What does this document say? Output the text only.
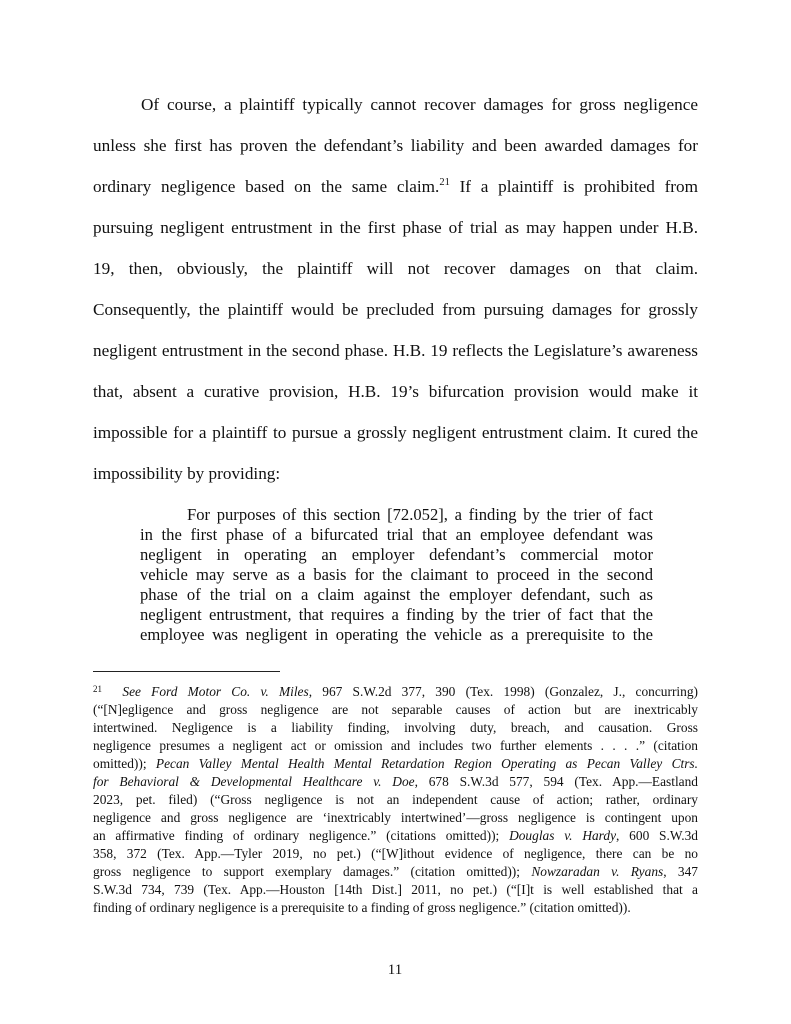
Of course, a plaintiff typically cannot recover damages for gross negligence
unless she first has proven the defendant’s liability and been awarded damages for
ordinary negligence based on the same claim.$^{21}$ If a plaintiff is prohibited from
pursuing negligent entrustment in the first phase of trial as may happen under H.B.
19, then, obviously, the plaintiff will not recover damages on that claim.
Consequently, the plaintiff would be precluded from pursuing damages for grossly
negligent entrustment in the second phase. H.B. 19 reflects the Legislature’s awareness
that, absent a curative provision, H.B. 19’s bifurcation provision would make it
impossible for a plaintiff to pursue a grossly negligent entrustment claim. It cured the
impossibility by providing:
For purposes of this section [72.052], a finding by the trier of fact
in the first phase of a bifurcated trial that an employee defendant was
negligent in operating an employer defendant’s commercial motor
vehicle may serve as a basis for the claimant to proceed in the second
phase of the trial on a claim against the employer defendant, such as
negligent entrustment, that requires a finding by the trier of fact that the
employee was negligent in operating the vehicle as a prerequisite to the
$^{21}$ See Ford Motor Co. v. Miles, 967 S.W.2d 377, 390 (Tex. 1998) (Gonzalez, J., concurring)
(“[N]egligence and gross negligence are not separable causes of action but are inextricably
intertwined. Negligence is a liability finding, involving duty, breach, and causation. Gross
negligence presumes a negligent act or omission and includes two further elements . . . .” (citation
omitted)); Pecan Valley Mental Health Mental Retardation Region Operating as Pecan Valley Ctrs.
for Behavioral & Developmental Healthcare v. Doe, 678 S.W.3d 577, 594 (Tex. App.—Eastland
2023, pet. filed) (“Gross negligence is not an independent cause of action; rather, ordinary
negligence and gross negligence are ‘inextricably intertwined’—gross negligence is contingent upon
an affirmative finding of ordinary negligence.” (citations omitted)); Douglas v. Hardy, 600 S.W.3d
358, 372 (Tex. App.—Tyler 2019, no pet.) (“[W]ithout evidence of negligence, there can be no
gross negligence to support exemplary damages.” (citation omitted)); Nowzaradan v. Ryans, 347
S.W.3d 734, 739 (Tex. App.—Houston [14th Dist.] 2011, no pet.) (“[I]t is well established that a
finding of ordinary negligence is a prerequisite to a finding of gross negligence.” (citation omitted)).
11
